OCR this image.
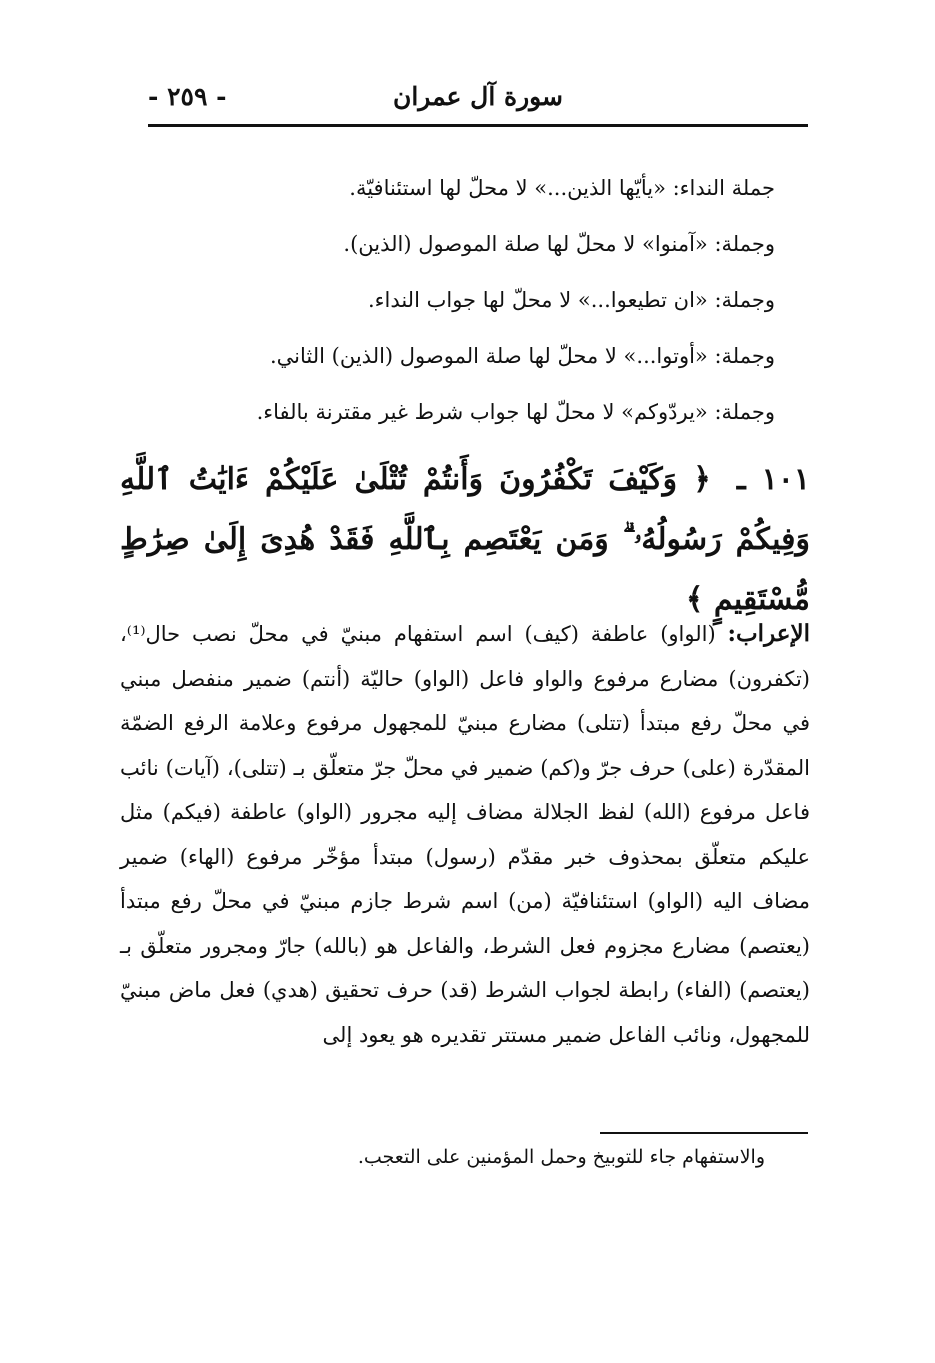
سورة آل عمران
- ٢٥٩ -
جملة النداء: «يأيّها الذين...» لا محلّ لها استئنافيّة.
وجملة: «آمنوا» لا محلّ لها صلة الموصول (الذين).
وجملة: «ان تطيعوا...» لا محلّ لها جواب النداء.
وجملة: «أوتوا...» لا محلّ لها صلة الموصول (الذين) الثاني.
وجملة: «يردّوكم» لا محلّ لها جواب شرط غير مقترنة بالفاء.
١٠١ ـ ﴿ وَكَيْفَ تَكْفُرُونَ وَأَنتُمْ تُتْلَىٰ عَلَيْكُمْ ءَايَٰتُ ٱللَّهِ وَفِيكُمْ رَسُولُهُۥ ۗ وَمَن يَعْتَصِم بِٱللَّهِ فَقَدْ هُدِىَ إِلَىٰ صِرَٰطٍ مُّسْتَقِيمٍ ﴾
الإعراب: (الواو) عاطفة (كيف) اسم استفهام مبنيّ في محلّ نصب حال⁽¹⁾، (تكفرون) مضارع مرفوع والواو فاعل (الواو) حاليّة (أنتم) ضمير منفصل مبني في محلّ رفع مبتدأ (تتلى) مضارع مبنيّ للمجهول مرفوع وعلامة الرفع الضمّة المقدّرة (على) حرف جرّ و(كم) ضمير في محلّ جرّ متعلّق بـ (تتلى)، (آيات) نائب فاعل مرفوع (الله) لفظ الجلالة مضاف إليه مجرور (الواو) عاطفة (فيكم) مثل عليكم متعلّق بمحذوف خبر مقدّم (رسول) مبتدأ مؤخّر مرفوع (الهاء) ضمير مضاف اليه (الواو) استئنافيّة (من) اسم شرط جازم مبنيّ في محلّ رفع مبتدأ (يعتصم) مضارع مجزوم فعل الشرط، والفاعل هو (بالله) جارّ ومجرور متعلّق بـ (يعتصم) (الفاء) رابطة لجواب الشرط (قد) حرف تحقيق (هدي) فعل ماض مبنيّ للمجهول، ونائب الفاعل ضمير مستتر تقديره هو يعود إلى
والاستفهام جاء للتوبيخ وحمل المؤمنين على التعجب.
